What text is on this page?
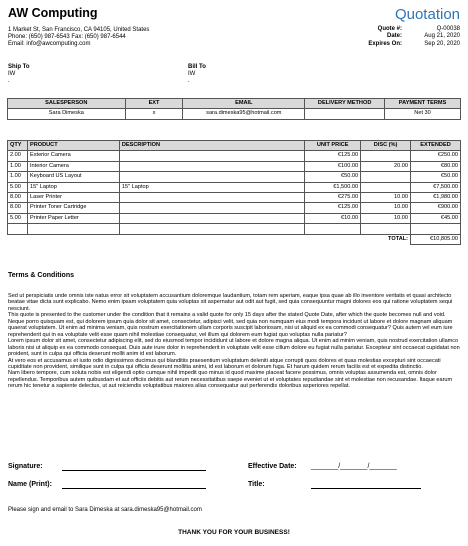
AW Computing
1 Market St, San Francisco, CA 94105, United States
Phone: (650) 987-6543 Fax: (650) 987-6544
Email: info@awcomputing.com
Quotation
Quote #:	Q-00038
Date:	Aug 21, 2020
Expires On:	Sep 20, 2020
Ship To
IW
.
Bill To
IW
.
SALESPERSON	EXT	EMAIL	DELIVERY METHOD	PAYMENT TERMS
Sara Dimeska	x	sara.dimeska95@hotmail.com		Net 30
QTY	PRODUCT	DESCRIPTION	UNIT PRICE	DISC (%)	EXTENDED
2.00	Exterior Camera		€125.00		€250.00
1.00	Interior Camera		€100.00	20.00	€80.00
1.00	Keyboard US Layout		€50.00		€50.00
5.00	15" Laptop	15" Laptop	€1,500.00		€7,500.00
8.00	Laser Printer		€275.00	10.00	€1,980.00
8.00	Printer Toner Cartridge		€125.00	10.00	€900.00
5.00	Printer Paper Letter		€10.00	10.00	€45.00

				TOTAL:	€10,805.00
Terms & Conditions

Sed ut perspiciatis unde omnis iste natus error sit voluptatem accusantium doloremque laudantium, totam rem aperiam, eaque ipsa quae ab illo inventore veritatis et quasi architecto beatae vitae dicta sunt explicabo. Nemo enim ipsam voluptatem quia voluptas sit aspernatur aut odit aut fugit, sed quia consequuntur magni dolores eos qui ratione voluptatem sequi nesciunt.

This quote is presented to the customer under the condition that it remains a valid quote for only 15 days after the stated Quote Date, after which the quote becomes null and void.

Neque porro quisquam est, qui dolorem ipsum quia dolor sit amet, consectetur, adipisci velit, sed quia non numquam eius modi tempora incidunt ut labore et dolore magnam aliquam quaerat voluptatem. Ut enim ad minima veniam, quis nostrum exercitationem ullam corporis suscipit laboriosam, nisi ut aliquid ex ea commodi consequatur? Quis autem vel eum iure reprehenderit qui in ea voluptate velit esse quam nihil molestiae consequatur, vel illum qui dolorem eum fugiat quo voluptas nulla pariatur?

Lorem ipsum dolor sit amet, consectetur adipiscing elit, sed do eiusmod tempor incididunt ut labore et dolore magna aliqua. Ut enim ad minim veniam, quis nostrud exercitation ullamco laboris nisi ut aliquip ex ea commodo consequat. Duis aute irure dolor in reprehenderit in voluptate velit esse cillum dolore eu fugiat nulla pariatur. Excepteur sint occaecat cupidatat non proident, sunt in culpa qui officia deserunt mollit anim id est laborum.

At vero eos et accusamus et iusto odio dignissimos ducimus qui blanditiis praesentium voluptatum deleniti atque corrupti quos dolores et quas molestias excepturi sint occaecati cupiditate non provident, similique sunt in culpa qui officia deserunt mollitia animi, id est laborum et dolorum fuga. Et harum quidem rerum facilis est et expedita distinctio.

Nam libero tempore, cum soluta nobis est eligendi optio cumque nihil impedit quo minus id quod maxime placeat facere possimus, omnis voluptas assumenda est, omnis dolor repellendus. Temporibus autem quibusdam et aut officiis debitis aut rerum necessitatibus saepe eveniet ut et voluptates repudiandae sint et molestiae non recusandae. Itaque earum rerum hic tenetur a sapiente delectus, ut aut reiciendis voluptatibus maiores alias consequatur aut perferendis doloribus asperiores repellat.

Signature:	Effective Date: _______/_______/_______
Name (Print):	Title:
Please sign and email to Sara Dimeska at sara.dimeska95@hotmail.com
THANK YOU FOR YOUR BUSINESS!
